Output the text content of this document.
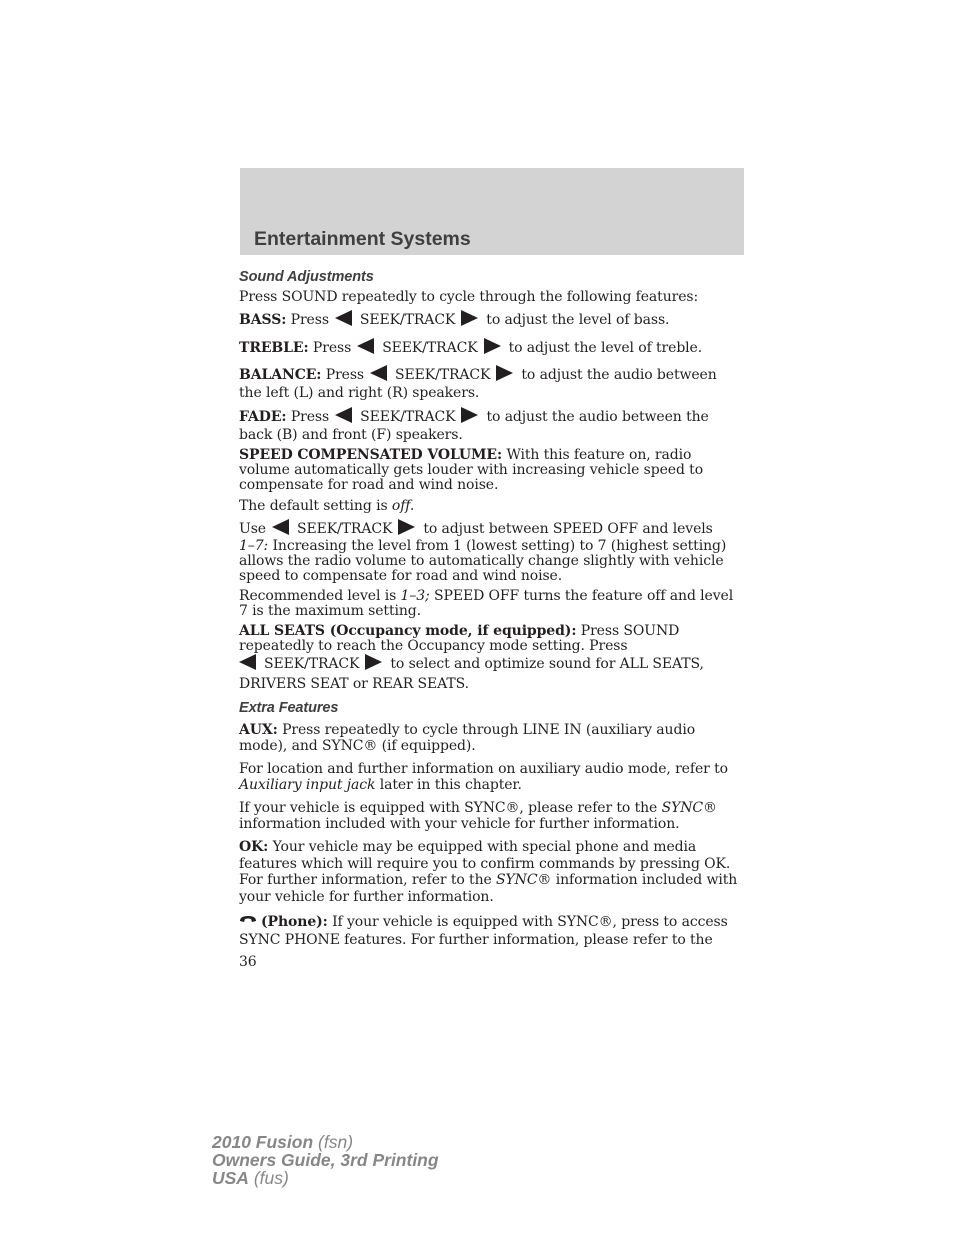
Entertainment Systems
Sound Adjustments
Press SOUND repeatedly to cycle through the following features:
BASS: Press SEEK/TRACK to adjust the level of bass.
TREBLE: Press SEEK/TRACK to adjust the level of treble.
BALANCE: Press SEEK/TRACK to adjust the audio between
the left (L) and right (R) speakers.
FADE: Press SEEK/TRACK to adjust the audio between the
back (B) and front (F) speakers.
SPEED COMPENSATED VOLUME: With this feature on, radio volume automatically gets louder with increasing vehicle speed to compensate for road and wind noise.
The default setting is off.
Use SEEK/TRACK to adjust between SPEED OFF and levels
1–7: Increasing the level from 1 (lowest setting) to 7 (highest setting) allows the radio volume to automatically change slightly with vehicle speed to compensate for road and wind noise.
Recommended level is 1–3; SPEED OFF turns the feature off and level 7 is the maximum setting.
ALL SEATS (Occupancy mode, if equipped): Press SOUND repeatedly to reach the Occupancy mode setting. Press
SEEK/TRACK to select and optimize sound for ALL SEATS,
DRIVERS SEAT or REAR SEATS.
Extra Features
AUX: Press repeatedly to cycle through LINE IN (auxiliary audio mode), and SYNC® (if equipped).
For location and further information on auxiliary audio mode, refer to Auxiliary input jack later in this chapter.
If your vehicle is equipped with SYNC®, please refer to the SYNC® information included with your vehicle for further information.
OK: Your vehicle may be equipped with special phone and media features which will require you to confirm commands by pressing OK. For further information, refer to the SYNC® information included with your vehicle for further information.
(Phone): If your vehicle is equipped with SYNC®, press to access SYNC PHONE features. For further information, please refer to the
36
2010 Fusion (fsn)
Owners Guide, 3rd Printing
USA (fus)
